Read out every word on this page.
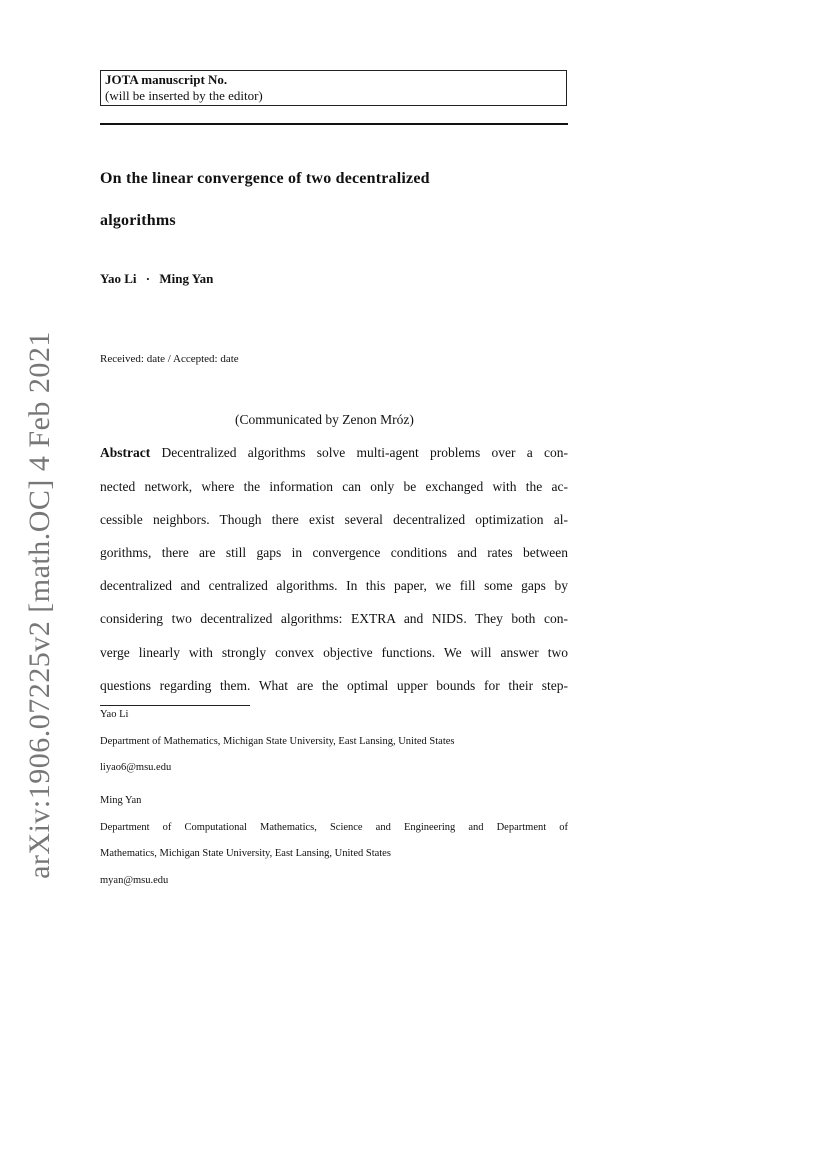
arXiv:1906.07225v2 [math.OC] 4 Feb 2021
JOTA manuscript No.
(will be inserted by the editor)
On the linear convergence of two decentralized
algorithms
Yao Li · Ming Yan
Received: date / Accepted: date
(Communicated by Zenon Mróz)
Abstract Decentralized algorithms solve multi-agent problems over a con-
nected network, where the information can only be exchanged with the ac-
cessible neighbors. Though there exist several decentralized optimization al-
gorithms, there are still gaps in convergence conditions and rates between
decentralized and centralized algorithms. In this paper, we fill some gaps by
considering two decentralized algorithms: EXTRA and NIDS. They both con-
verge linearly with strongly convex objective functions. We will answer two
questions regarding them. What are the optimal upper bounds for their step-
Yao Li
Department of Mathematics, Michigan State University, East Lansing, United States
liyao6@msu.edu
Ming Yan
Department of Computational Mathematics, Science and Engineering and Department of
Mathematics, Michigan State University, East Lansing, United States
myan@msu.edu
